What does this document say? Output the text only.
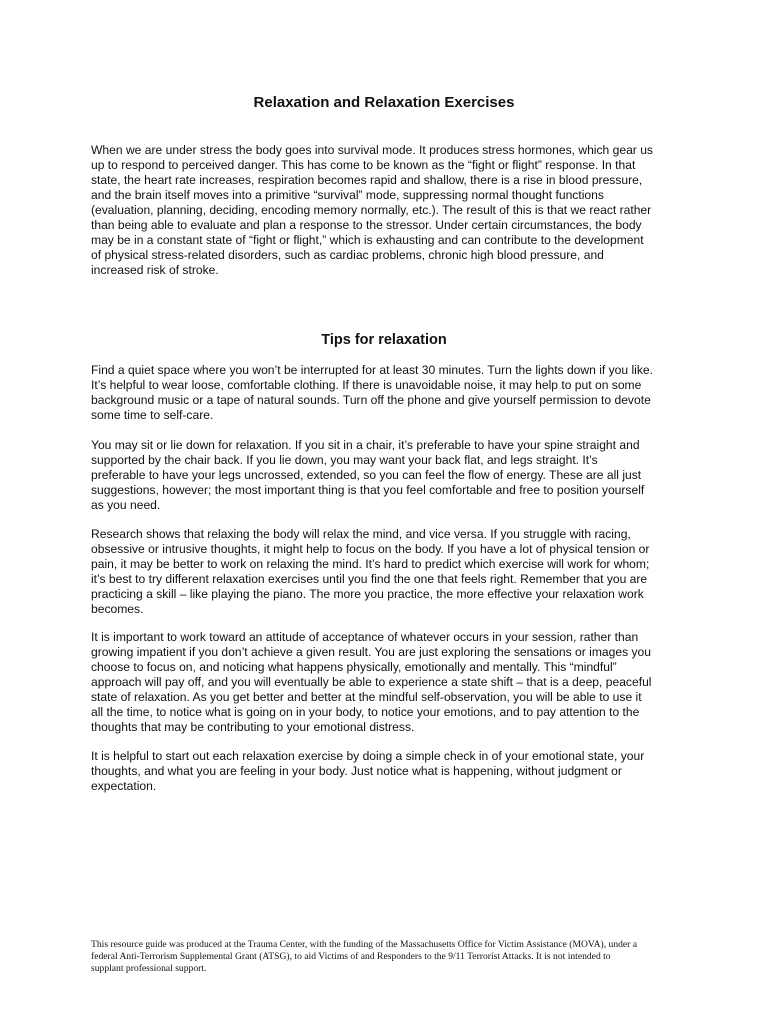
Relaxation and Relaxation Exercises

When we are under stress the body goes into survival mode. It produces stress hormones, which gear us
up to respond to perceived danger. This has come to be known as the “fight or flight” response. In that
state, the heart rate increases, respiration becomes rapid and shallow, there is a rise in blood pressure,
and the brain itself moves into a primitive “survival” mode, suppressing normal thought functions
(evaluation, planning, deciding, encoding memory normally, etc.). The result of this is that we react rather
than being able to evaluate and plan a response to the stressor. Under certain circumstances, the body
may be in a constant state of “fight or flight,” which is exhausting and can contribute to the development
of physical stress-related disorders, such as cardiac problems, chronic high blood pressure, and
increased risk of stroke.

Tips for relaxation

Find a quiet space where you won’t be interrupted for at least 30 minutes. Turn the lights down if you like.
It’s helpful to wear loose, comfortable clothing. If there is unavoidable noise, it may help to put on some
background music or a tape of natural sounds. Turn off the phone and give yourself permission to devote
some time to self-care.

You may sit or lie down for relaxation. If you sit in a chair, it’s preferable to have your spine straight and
supported by the chair back. If you lie down, you may want your back flat, and legs straight. It’s
preferable to have your legs uncrossed, extended, so you can feel the flow of energy. These are all just
suggestions, however; the most important thing is that you feel comfortable and free to position yourself
as you need.

Research shows that relaxing the body will relax the mind, and vice versa. If you struggle with racing,
obsessive or intrusive thoughts, it might help to focus on the body. If you have a lot of physical tension or
pain, it may be better to work on relaxing the mind. It’s hard to predict which exercise will work for whom;
it’s best to try different relaxation exercises until you find the one that feels right. Remember that you are
practicing a skill – like playing the piano. The more you practice, the more effective your relaxation work
becomes.

It is important to work toward an attitude of acceptance of whatever occurs in your session, rather than
growing impatient if you don’t achieve a given result. You are just exploring the sensations or images you
choose to focus on, and noticing what happens physically, emotionally and mentally. This “mindful”
approach will pay off, and you will eventually be able to experience a state shift – that is a deep, peaceful
state of relaxation. As you get better and better at the mindful self-observation, you will be able to use it
all the time, to notice what is going on in your body, to notice your emotions, and to pay attention to the
thoughts that may be contributing to your emotional distress.

It is helpful to start out each relaxation exercise by doing a simple check in of your emotional state, your
thoughts, and what you are feeling in your body. Just notice what is happening, without judgment or
expectation.

This resource guide was produced at the Trauma Center, with the funding of the Massachusetts Office for Victim Assistance (MOVA), under a
federal Anti-Terrorism Supplemental Grant (ATSG), to aid Victims of and Responders to the 9/11 Terrorist Attacks. It is not intended to
supplant professional support.
